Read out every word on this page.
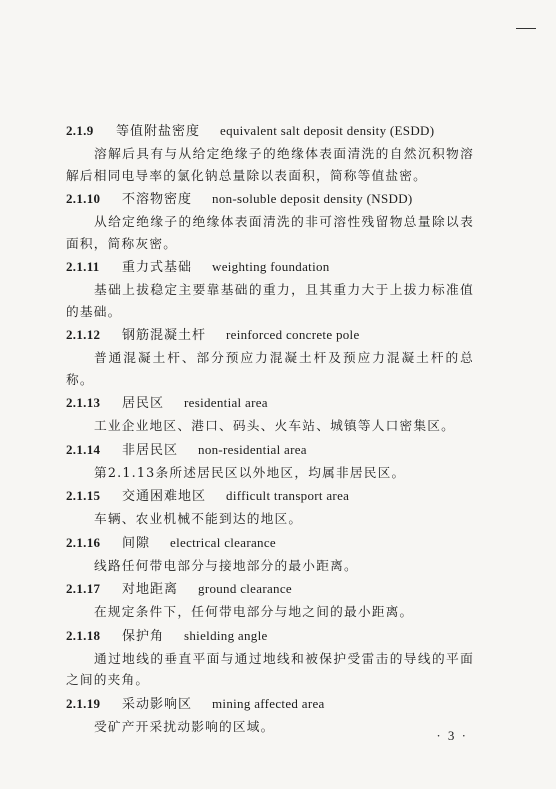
2.1.9 等值附盐密度 equivalent salt deposit density (ESDD)
溶解后具有与从给定绝缘子的绝缘体表面清洗的自然沉积物溶解后相同电导率的氯化钠总量除以表面积，简称等值盐密。
2.1.10 不溶物密度 non-soluble deposit density (NSDD)
从给定绝缘子的绝缘体表面清洗的非可溶性残留物总量除以表面积，简称灰密。
2.1.11 重力式基础 weighting foundation
基础上拔稳定主要靠基础的重力，且其重力大于上拔力标准值的基础。
2.1.12 钢筋混凝土杆 reinforced concrete pole
普通混凝土杆、部分预应力混凝土杆及预应力混凝土杆的总称。
2.1.13 居民区 residential area
工业企业地区、港口、码头、火车站、城镇等人口密集区。
2.1.14 非居民区 non-residential area
第2.1.13条所述居民区以外地区，均属非居民区。
2.1.15 交通困难地区 difficult transport area
车辆、农业机械不能到达的地区。
2.1.16 间隙 electrical clearance
线路任何带电部分与接地部分的最小距离。
2.1.17 对地距离 ground clearance
在规定条件下，任何带电部分与地之间的最小距离。
2.1.18 保护角 shielding angle
通过地线的垂直平面与通过地线和被保护受雷击的导线的平面之间的夹角。
2.1.19 采动影响区 mining affected area
受矿产开采扰动影响的区域。
· 3 ·
